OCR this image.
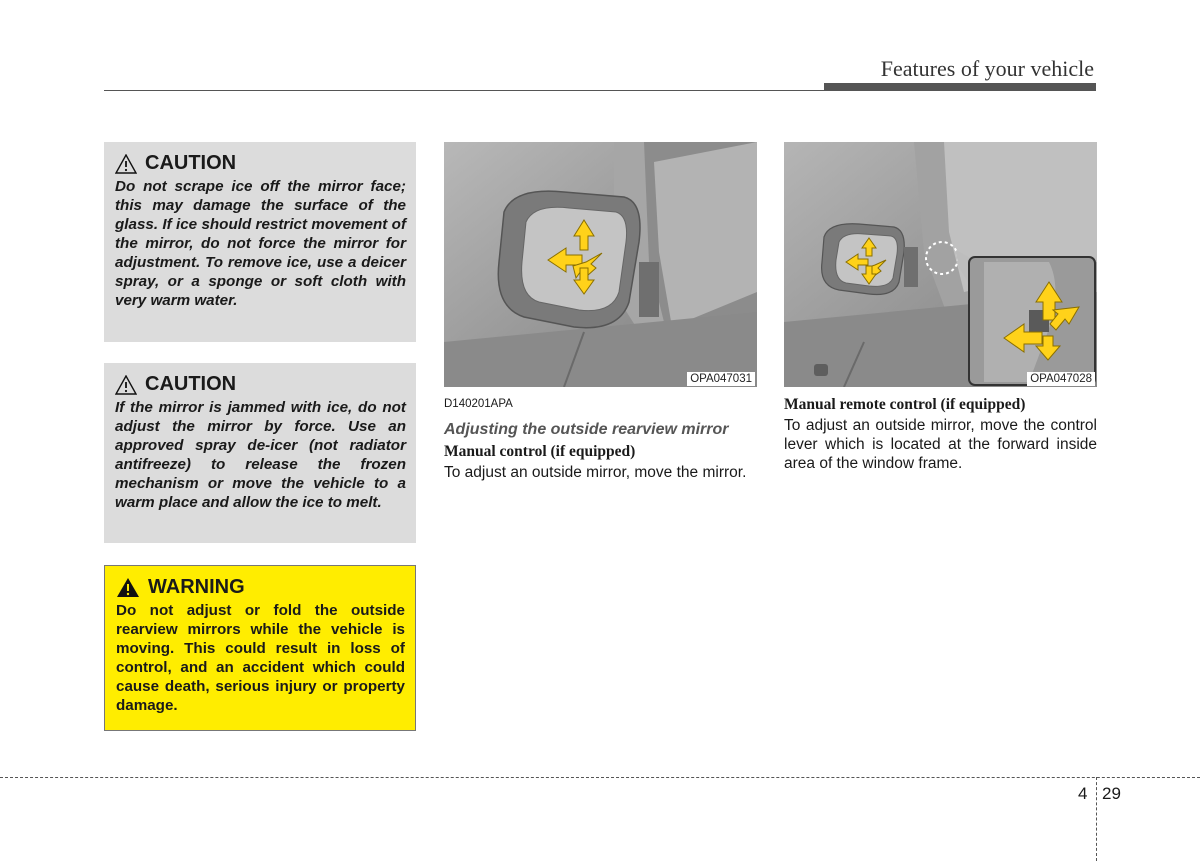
Features of your vehicle
CAUTION
Do not scrape ice off the mirror face; this may damage the surface of the glass. If ice should restrict movement of the mirror, do not force the mirror for adjustment. To remove ice, use a deicer spray, or a sponge or soft cloth with very warm water.
CAUTION
If the mirror is jammed with ice, do not adjust the mirror by force. Use an approved spray de-icer (not radiator antifreeze) to release the frozen mechanism or move the vehicle to a warm place and allow the ice to melt.
WARNING
Do not adjust or fold the outside rearview mirrors while the vehicle is moving. This could result in loss of control, and an accident which could cause death, serious injury or property damage.
OPA047031	OPA047028
D140201APA
Adjusting the outside rearview mirror
Manual control (if equipped)
To adjust an outside mirror, move the mirror.
Manual remote control (if equipped)
To adjust an outside mirror, move the control lever which is located at the forward inside area of the window frame.
4 29
